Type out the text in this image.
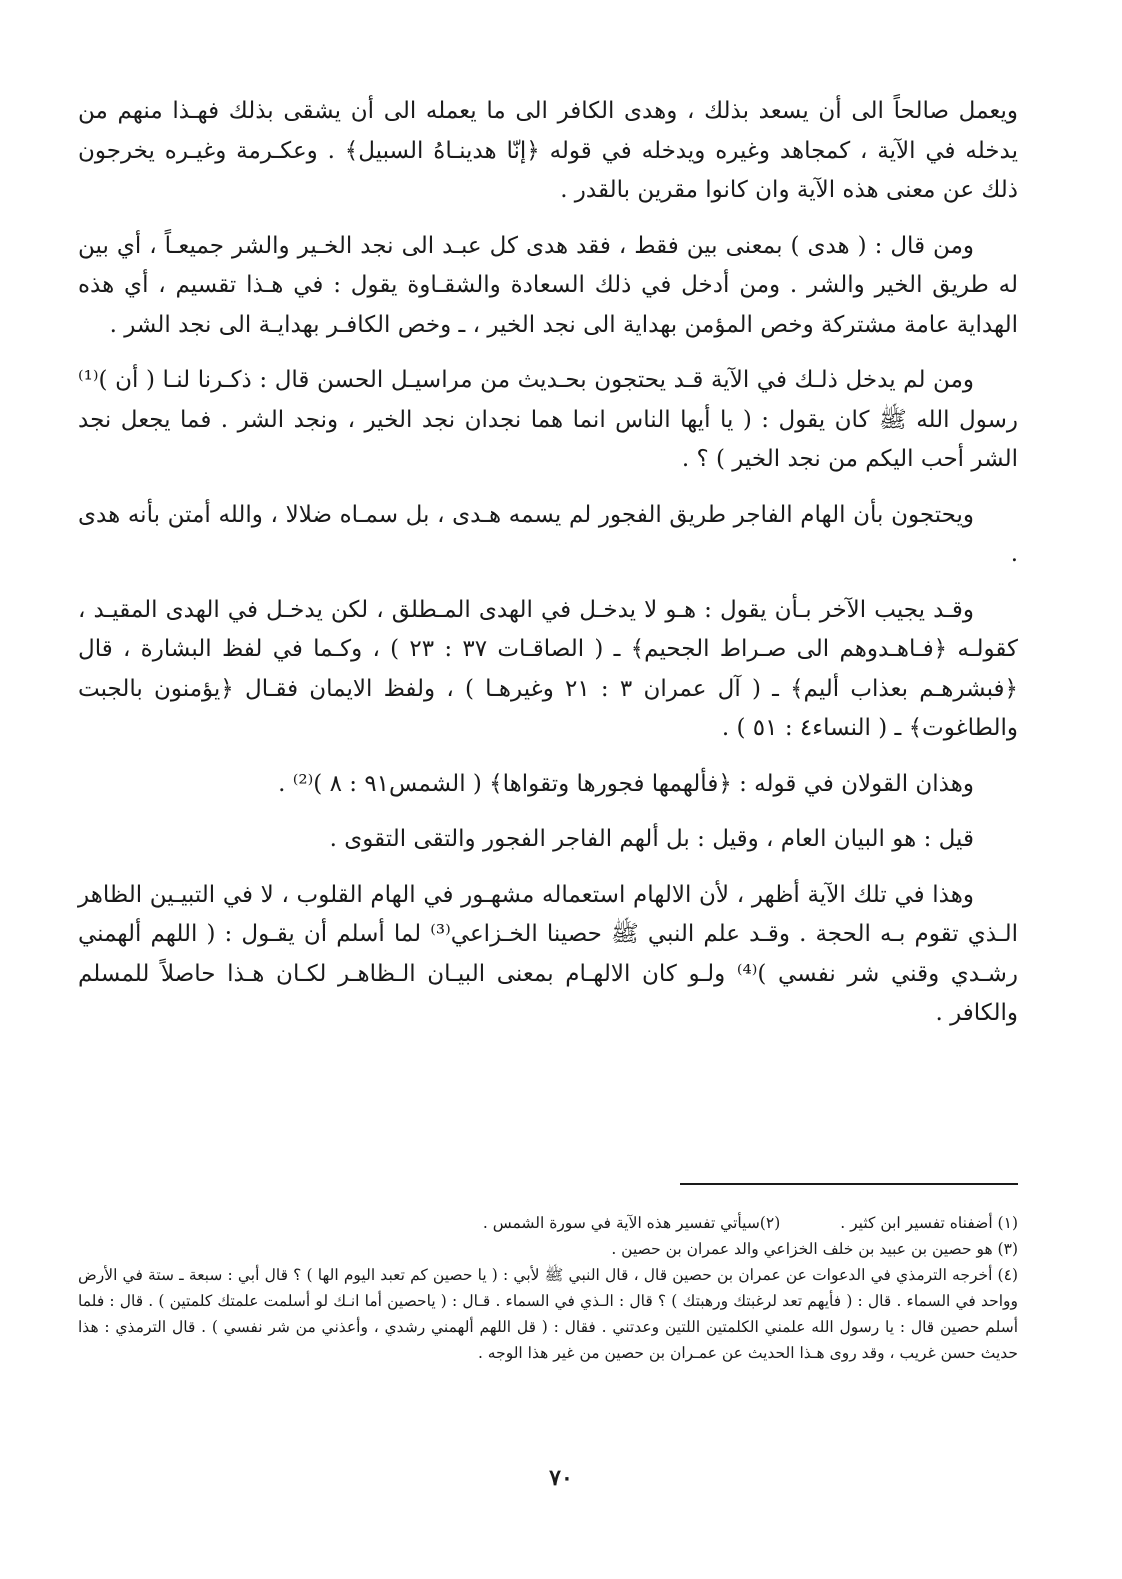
ويعمل صالحاً الى أن يسعد بذلك ، وهدى الكافر الى ما يعمله الى أن يشقى بذلك فهـذا منهم من يدخله في الآية ، كمجاهد وغيره ويدخله في قوله ﴿إنّا هدينـاهُ السبيل﴾ . وعكـرمة وغيـره يخرجون ذلك عن معنى هذه الآية وان كانوا مقرين بالقدر .

ومن قال : ( هدى ) بمعنى بين فقط ، فقد هدى كل عبـد الى نجد الخـير والشر جميعـاً ، أي بين له طريق الخير والشر . ومن أدخل في ذلك السعادة والشقـاوة يقول : في هـذا تقسيم ، أي هذه الهداية عامة مشتركة وخص المؤمن بهداية الى نجد الخير ، ـ وخص الكافـر بهدايـة الى نجد الشر .

ومن لم يدخل ذلـك في الآية قـد يحتجون بحـديث من مراسيـل الحسن قال : ذكـرنا لنـا ( أن )⁽¹⁾ رسول الله ﷺ كان يقول : ( يا أيها الناس انما هما نجدان نجد الخير ، ونجد الشر . فما يجعل نجد الشر أحب اليكم من نجد الخير ) ؟ .

ويحتجون بأن الهام الفاجر طريق الفجور لم يسمه هـدى ، بل سمـاه ضلالا ، والله أمتن بأنه هدى .

وقـد يجيب الآخر بـأن يقول : هـو لا يدخـل في الهدى المـطلق ، لكن يدخـل في الهدى المقيـد ، كقولـه ﴿فـاهـدوهم الى صـراط الجحيم﴾ ـ ( الصاقـات ٣٧ : ٢٣ ) ، وكـما في لفظ البشارة ، قال ﴿فبشرهـم بعذاب أليم﴾ ـ ( آل عمران ٣ : ٢١ وغيرهـا ) ، ولفظ الايمان فقـال ﴿يؤمنون بالجبت والطاغوت﴾ ـ ( النساء٤ : ٥١ ) .

وهذان القولان في قوله : ﴿فألهمها فجورها وتقواها﴾ ( الشمس٩١ : ٨ )⁽²⁾ .

قيل : هو البيان العام ، وقيل : بل ألهم الفاجر الفجور والتقى التقوى .

وهذا في تلك الآية أظهر ، لأن الالهام استعماله مشهـور في الهام القلوب ، لا في التبيـين الظاهر الـذي تقوم بـه الحجة . وقـد علم النبي ﷺ حصينا الخـزاعي⁽³⁾ لما أسلم أن يقـول : ( اللهم ألهمني رشـدي وقني شر نفسي )⁽⁴⁾ ولـو كان الالهـام بمعنى البيـان الـظاهـر لكـان هـذا حاصلاً للمسلم والكافر .

(١) أضفناه تفسير ابن كثير .

(٢)سيأتي تفسير هذه الآية في سورة الشمس .

(٣) هو حصين بن عبيد بن خلف الخزاعي والد عمران بن حصين .

(٤) أخرجه الترمذي في الدعوات عن عمران بن حصين قال ، قال النبي ﷺ لأبي : ( يا حصين كم تعبد اليوم الها ) ؟ قال أبي : سبعة ـ ستة في الأرض وواحد في السماء . قال : ( فأيهم تعد لرغبتك ورهبتك ) ؟ قال : الـذي في السماء . قـال : ( ياحصين أما انـك لو أسلمت علمتك كلمتين ) . قال : فلما أسلم حصين قال : يا رسول الله علمني الكلمتين اللتين وعدتني . فقال : ( قل اللهم ألهمني رشدي ، وأعذني من شر نفسي ) . قال الترمذي : هذا حديث حسن غريب ، وقد روى هـذا الحديث عن عمـران بن حصين من غير هذا الوجه .

٧٠
